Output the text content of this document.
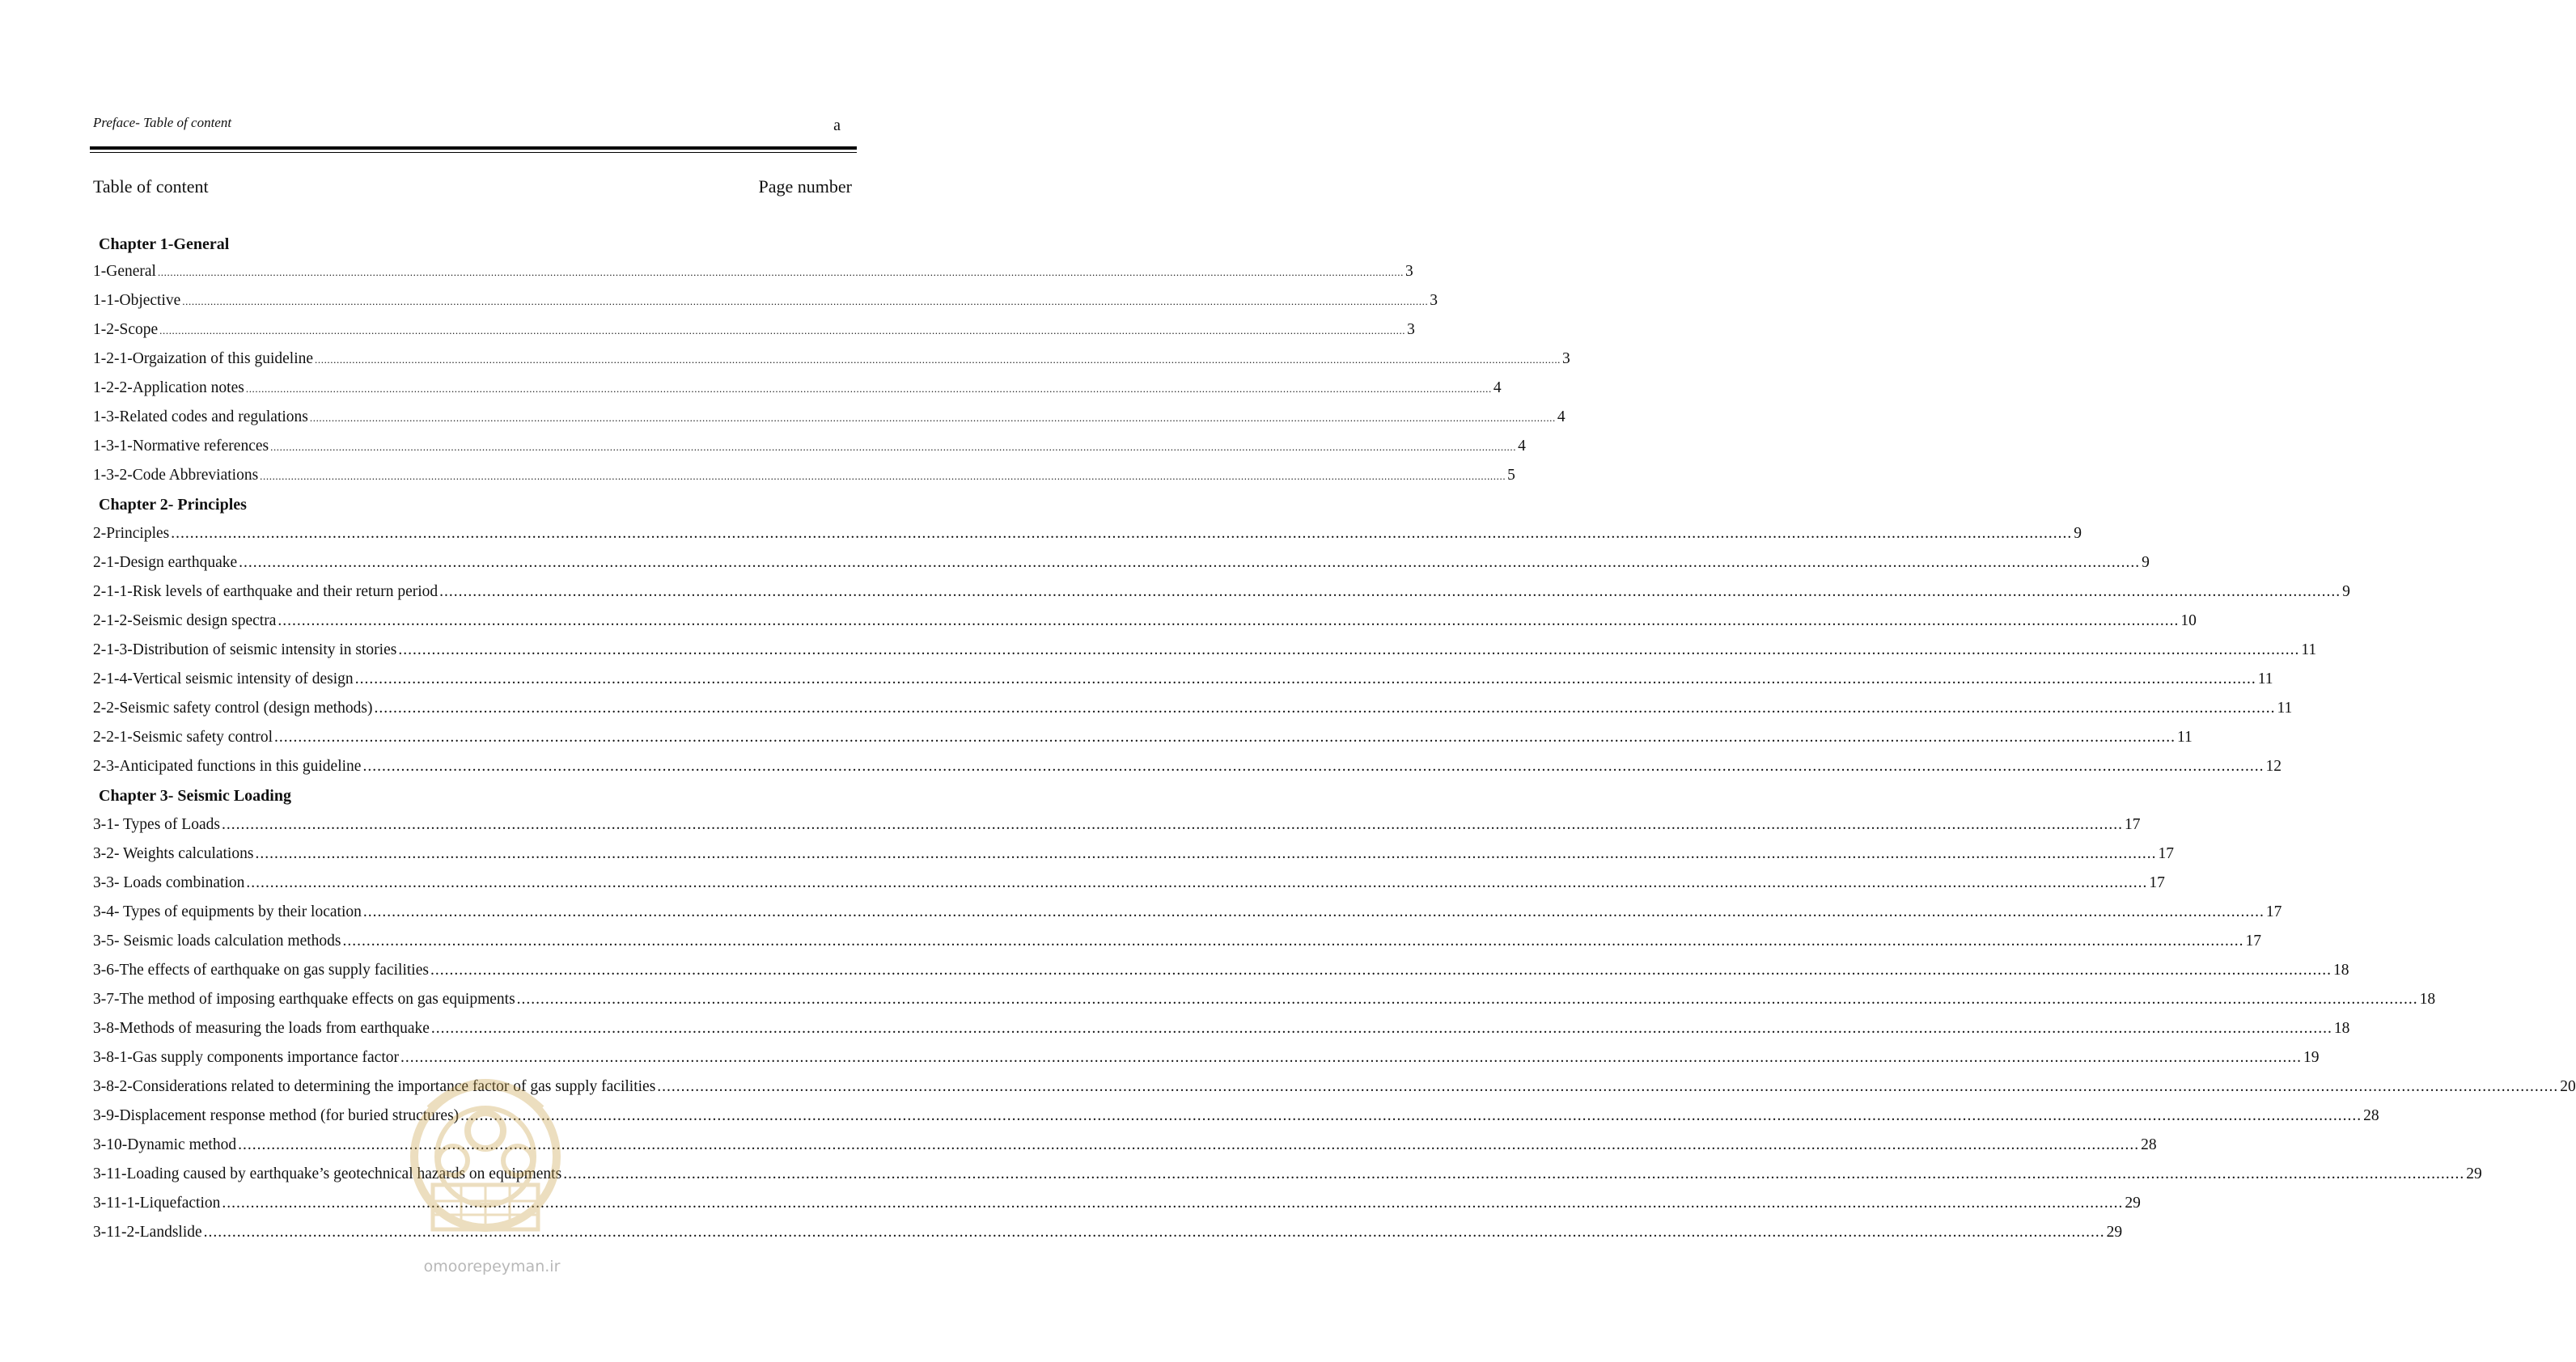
Preface- Table of content	a
Table of content	Page number
Chapter 1-General
1-General ................................................................................................................................................................................................................................................................................................................................................................................................................ 3
1-1-Objective ................................................................................................................................................................................................................................................................................................................................................................................................................ 3
1-2-Scope ................................................................................................................................................................................................................................................................................................................................................................................................................ 3
1-2-1-Orgaization of this guideline ................................................................................................................................................................................................................................................................................................................................................................................................................ 3
1-2-2-Application notes ................................................................................................................................................................................................................................................................................................................................................................................................................ 4
1-3-Related codes and regulations ................................................................................................................................................................................................................................................................................................................................................................................................................ 4
1-3-1-Normative references ................................................................................................................................................................................................................................................................................................................................................................................................................ 4
1-3-2-Code Abbreviations ................................................................................................................................................................................................................................................................................................................................................................................................................ 5
Chapter 2- Principles
2-Principles ................................................................................................................................................................................................................................................................................................................................................................................................................ 9
2-1-Design earthquake ................................................................................................................................................................................................................................................................................................................................................................................................................ 9
2-1-1-Risk levels of earthquake and their return period ................................................................................................................................................................................................................................................................................................................................................................................................................ 9
2-1-2-Seismic design spectra ................................................................................................................................................................................................................................................................................................................................................................................................................ 10
2-1-3-Distribution of seismic intensity in stories ................................................................................................................................................................................................................................................................................................................................................................................................................ 11
2-1-4-Vertical seismic intensity of design ................................................................................................................................................................................................................................................................................................................................................................................................................ 11
2-2-Seismic safety control (design methods) ................................................................................................................................................................................................................................................................................................................................................................................................................ 11
2-2-1-Seismic safety control ................................................................................................................................................................................................................................................................................................................................................................................................................ 11
2-3-Anticipated functions in this guideline ................................................................................................................................................................................................................................................................................................................................................................................................................ 12
Chapter 3- Seismic Loading
3-1- Types of Loads ................................................................................................................................................................................................................................................................................................................................................................................................................ 17
3-2- Weights calculations ................................................................................................................................................................................................................................................................................................................................................................................................................ 17
3-3- Loads combination ................................................................................................................................................................................................................................................................................................................................................................................................................ 17
3-4- Types of equipments by their location ................................................................................................................................................................................................................................................................................................................................................................................................................ 17
3-5- Seismic loads calculation methods ................................................................................................................................................................................................................................................................................................................................................................................................................ 17
3-6-The effects of earthquake on gas supply facilities ................................................................................................................................................................................................................................................................................................................................................................................................................ 18
3-7-The method of imposing earthquake effects on gas equipments ................................................................................................................................................................................................................................................................................................................................................................................................................ 18
3-8-Methods of measuring the loads from earthquake ................................................................................................................................................................................................................................................................................................................................................................................................................ 18
3-8-1-Gas supply components importance factor ................................................................................................................................................................................................................................................................................................................................................................................................................ 19
3-8-2-Considerations related to determining the importance factor of gas supply facilities ................................................................................................................................................................................................................................................................................................................................................................................................................ 20
3-9-Displacement response method (for buried structures) ................................................................................................................................................................................................................................................................................................................................................................................................................ 28
3-10-Dynamic method ................................................................................................................................................................................................................................................................................................................................................................................................................ 28
3-11-Loading caused by earthquake’s geotechnical hazards on equipments ................................................................................................................................................................................................................................................................................................................................................................................................................ 29
3-11-1-Liquefaction ................................................................................................................................................................................................................................................................................................................................................................................................................ 29
3-11-2-Landslide ................................................................................................................................................................................................................................................................................................................................................................................................................ 29
omoorepeyman.ir
